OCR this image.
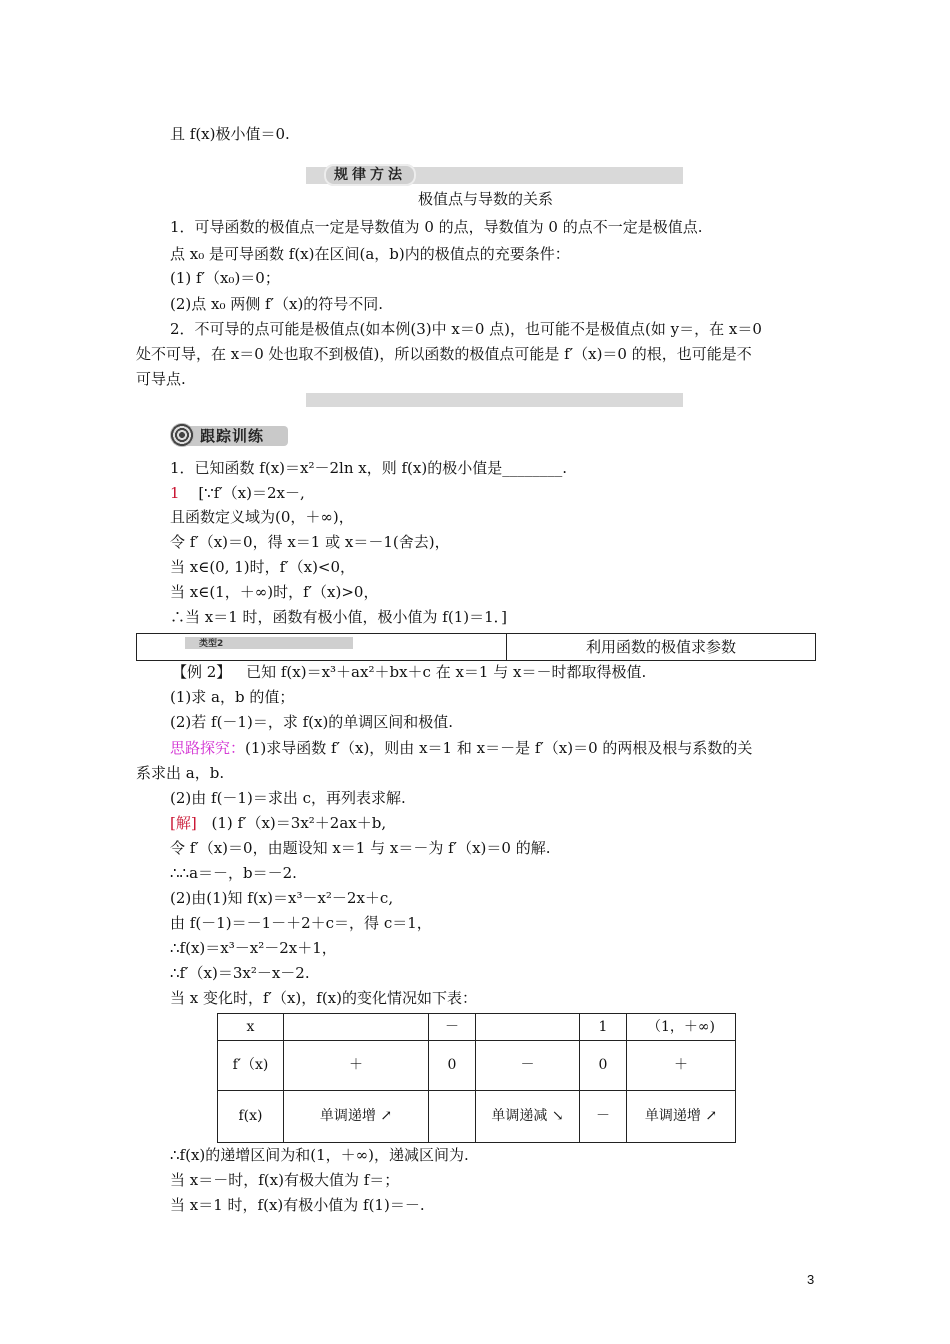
且 f(x)极小值＝0.
规律方法
极值点与导数的关系
1．可导函数的极值点一定是导数值为 0 的点，导数值为 0 的点不一定是极值点.
点 x₀ 是可导函数 f(x)在区间(a，b)内的极值点的充要条件：
(1) f′（x₀)＝0；
(2)点 x₀ 两侧 f′（x)的符号不同.
2．不可导的点可能是极值点(如本例(3)中 x＝0 点)，也可能不是极值点(如 y＝，在 x＝0
处不可导，在 x＝0 处也取不到极值)，所以函数的极值点可能是 f′（x)＝0 的根，也可能是不
可导点.
跟踪训练
1．已知函数 f(x)＝x²－2ln x，则 f(x)的极小值是________.
1 [∵f′（x)＝2x－,
且函数定义域为(0，＋∞)，
令 f′（x)＝0，得 x＝1 或 x＝－1(舍去)，
当 x∈(0, 1)时，f′（x)<0，
当 x∈(1，＋∞)时，f′（x)>0，
∴当 x＝1 时，函数有极小值，极小值为 f(1)＝1．]
类型2	利用函数的极值求参数
【例 2】 已知 f(x)＝x³＋ax²＋bx＋c 在 x＝1 与 x＝－时都取得极值.
(1)求 a，b 的值；
(2)若 f(－1)＝，求 f(x)的单调区间和极值.
思路探究：(1)求导函数 f′（x)，则由 x＝1 和 x＝－是 f′（x)＝0 的两根及根与系数的关
系求出 a，b.
(2)由 f(－1)＝求出 c，再列表求解.
[解] (1) f′（x)＝3x²＋2ax＋b,
令 f′（x)＝0，由题设知 x＝1 与 x＝－为 f′（x)＝0 的解.
∴∴a＝－，b＝－2.
(2)由(1)知 f(x)＝x³－x²－2x＋c,
由 f(－1)＝－1－＋2＋c＝，得 c＝1，
∴f(x)＝x³－x²－2x＋1，
∴f′（x)＝3x²－x－2.
当 x 变化时，f′（x)，f(x)的变化情况如下表：
x		－		1	（1，＋∞)
f′（x)	＋	0	－	0	＋
f(x)	单调递增 ↗		单调递减 ↘	－	单调递增 ↗
∴f(x)的递增区间为和(1，＋∞)，递减区间为.
当 x＝－时，f(x)有极大值为 f＝；
当 x＝1 时，f(x)有极小值为 f(1)＝－.
3
